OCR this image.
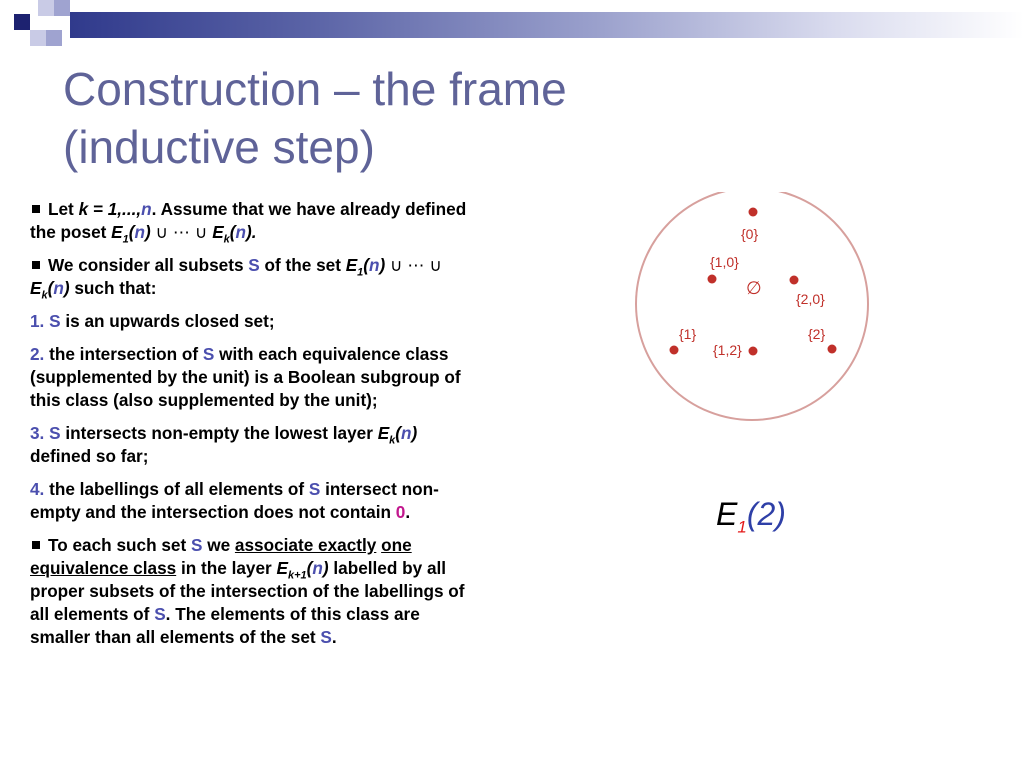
Construction – the frame
(inductive step)

Let k = 1,...,n. Assume that we have already defined the poset $E_1(n)$ ∪ ⋯ ∪ $E_k(n)$.

We consider all subsets S of the set $E_1(n)$ ∪ ⋯ ∪ $E_k(n)$ such that:

1. S is an upwards closed set;

2. the intersection of S with each equivalence class (supplemented by the unit) is a Boolean subgroup of this class (also supplemented by the unit);

3. S intersects non-empty the lowest layer $E_k(n)$ defined so far;

4. the labellings of all elements of S intersect non-empty and the intersection does not contain 0.

To each such set S we associate exactly one equivalence class in the layer $E_{k+1}(n)$ labelled by all proper subsets of the intersection of the labellings of all elements of S. The elements of this class are smaller than all elements of the set S.

{0}
{1,0}
∅
{2,0}
{1}
{1,2}
{2}
$E_1(2)$
